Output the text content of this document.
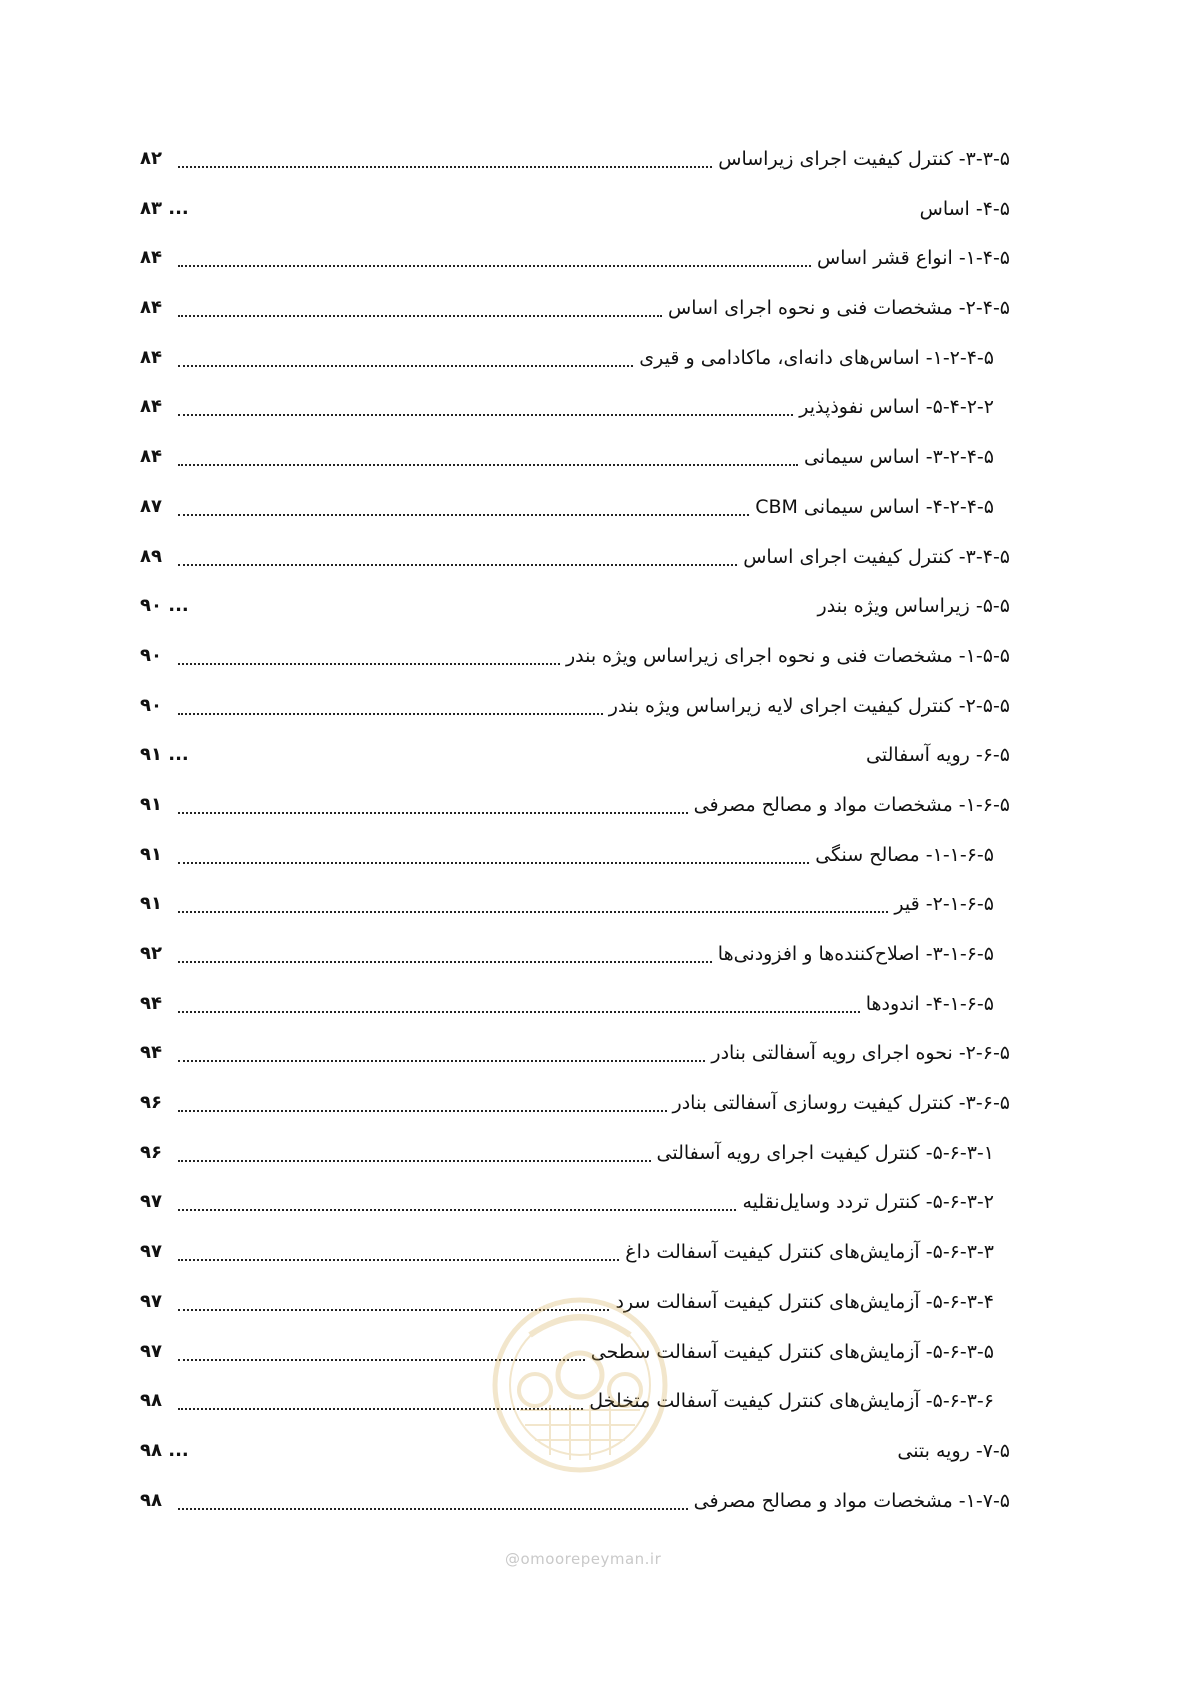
۳-۳-۵- کنترل کیفیت اجرای زیراساس
۸۲
۴-۵- اساس
۸۳ ...
۱-۴-۵- انواع قشر اساس
۸۴
۲-۴-۵- مشخصات فنی و نحوه اجرای اساس
۸۴
۱-۲-۴-۵- اساس‌های دانه‌ای، ماکادامی و قیری
۸۴
۵-۴-۲-۲- اساس نفوذپذیر
۸۴
۳-۲-۴-۵- اساس سیمانی
۸۴
۴-۲-۴-۵- اساس سیمانی CBM
۸۷
۳-۴-۵- کنترل کیفیت اجرای اساس
۸۹
۵-۵- زیراساس ویژه بندر
۹۰ ...
۱-۵-۵- مشخصات فنی و نحوه اجرای زیراساس ویژه بندر
۹۰
۲-۵-۵- کنترل کیفیت اجرای لایه زیراساس ویژه بندر
۹۰
۶-۵- رویه آسفالتی
۹۱ ...
۱-۶-۵- مشخصات مواد و مصالح مصرفی
۹۱
۱-۱-۶-۵- مصالح سنگی
۹۱
۲-۱-۶-۵- قیر
۹۱
۳-۱-۶-۵- اصلاح‌کننده‌ها و افزودنی‌ها
۹۲
۴-۱-۶-۵- اندودها
۹۴
۲-۶-۵- نحوه اجرای رویه آسفالتی بنادر
۹۴
۳-۶-۵- کنترل کیفیت روسازی آسفالتی بنادر
۹۶
۵-۶-۳-۱- کنترل کیفیت اجرای رویه آسفالتی
۹۶
۵-۶-۳-۲- کنترل تردد وسایل‌نقلیه
۹۷
۵-۶-۳-۳- آزمایش‌های کنترل کیفیت آسفالت داغ
۹۷
۵-۶-۳-۴- آزمایش‌های کنترل کیفیت آسفالت سرد
۹۷
۵-۶-۳-۵- آزمایش‌های کنترل کیفیت آسفالت سطحی
۹۷
۵-۶-۳-۶- آزمایش‌های کنترل کیفیت آسفالت متخلخل
۹۸
۷-۵- رویه بتنی
۹۸ ...
۱-۷-۵- مشخصات مواد و مصالح مصرفی
۹۸
@omoorepeyman.ir
